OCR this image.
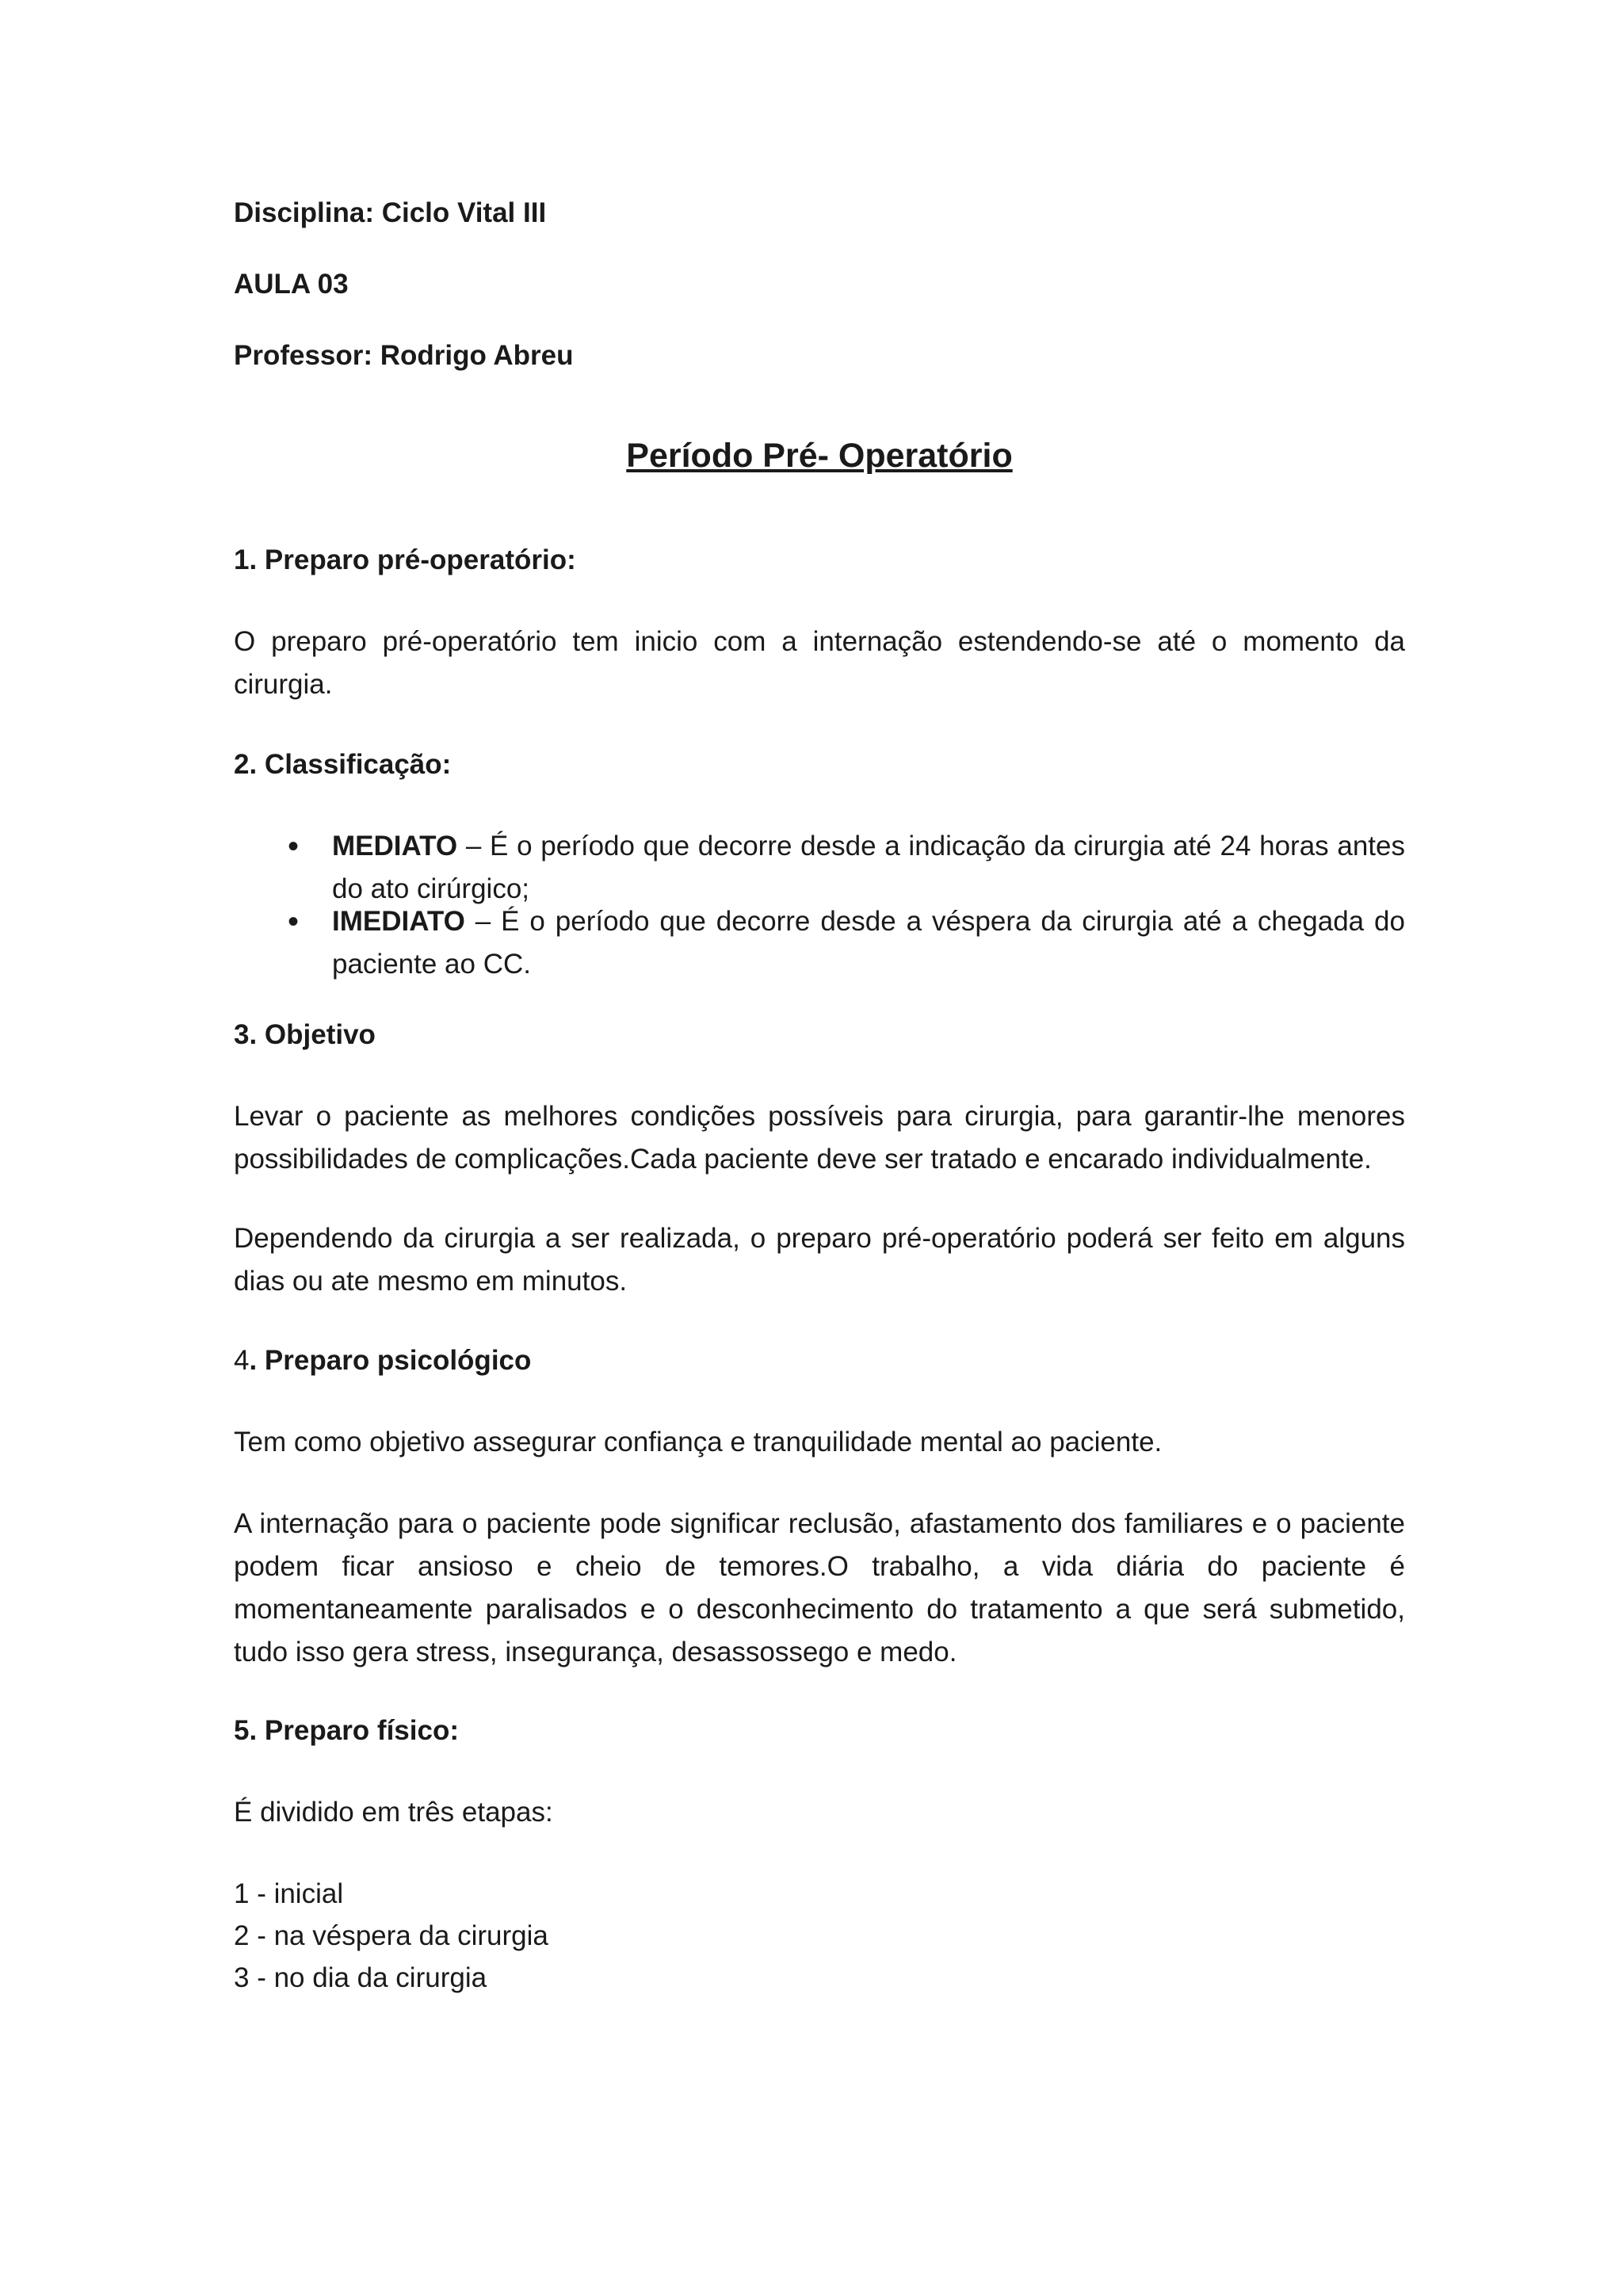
Disciplina: Ciclo Vital III
AULA 03
Professor: Rodrigo Abreu
Período Pré- Operatório
1. Preparo pré-operatório:
O preparo pré-operatório tem inicio com a internação estendendo-se até o momento da cirurgia.
2. Classificação:
•	MEDIATO – É o período que decorre desde a indicação da cirurgia até 24 horas antes do ato cirúrgico;
•	IMEDIATO – É o período que decorre desde a véspera da cirurgia até a chegada do paciente ao CC.
3. Objetivo
Levar o paciente as melhores condições possíveis para cirurgia, para garantir-lhe menores possibilidades de complicações.Cada paciente deve ser tratado e encarado individualmente.
Dependendo da cirurgia a ser realizada, o preparo pré-operatório poderá ser feito em alguns dias ou ate mesmo em minutos.
4. Preparo psicológico
Tem como objetivo assegurar confiança e tranquilidade mental ao paciente.
A internação para o paciente pode significar reclusão, afastamento dos familiares e o paciente podem ficar ansioso e cheio de temores.O trabalho, a vida diária do paciente é momentaneamente paralisados e o desconhecimento do tratamento a que será submetido, tudo isso gera stress, insegurança, desassossego e medo.
5. Preparo físico:
É dividido em três etapas:
1 - inicial
2 - na véspera da cirurgia
3 - no dia da cirurgia
